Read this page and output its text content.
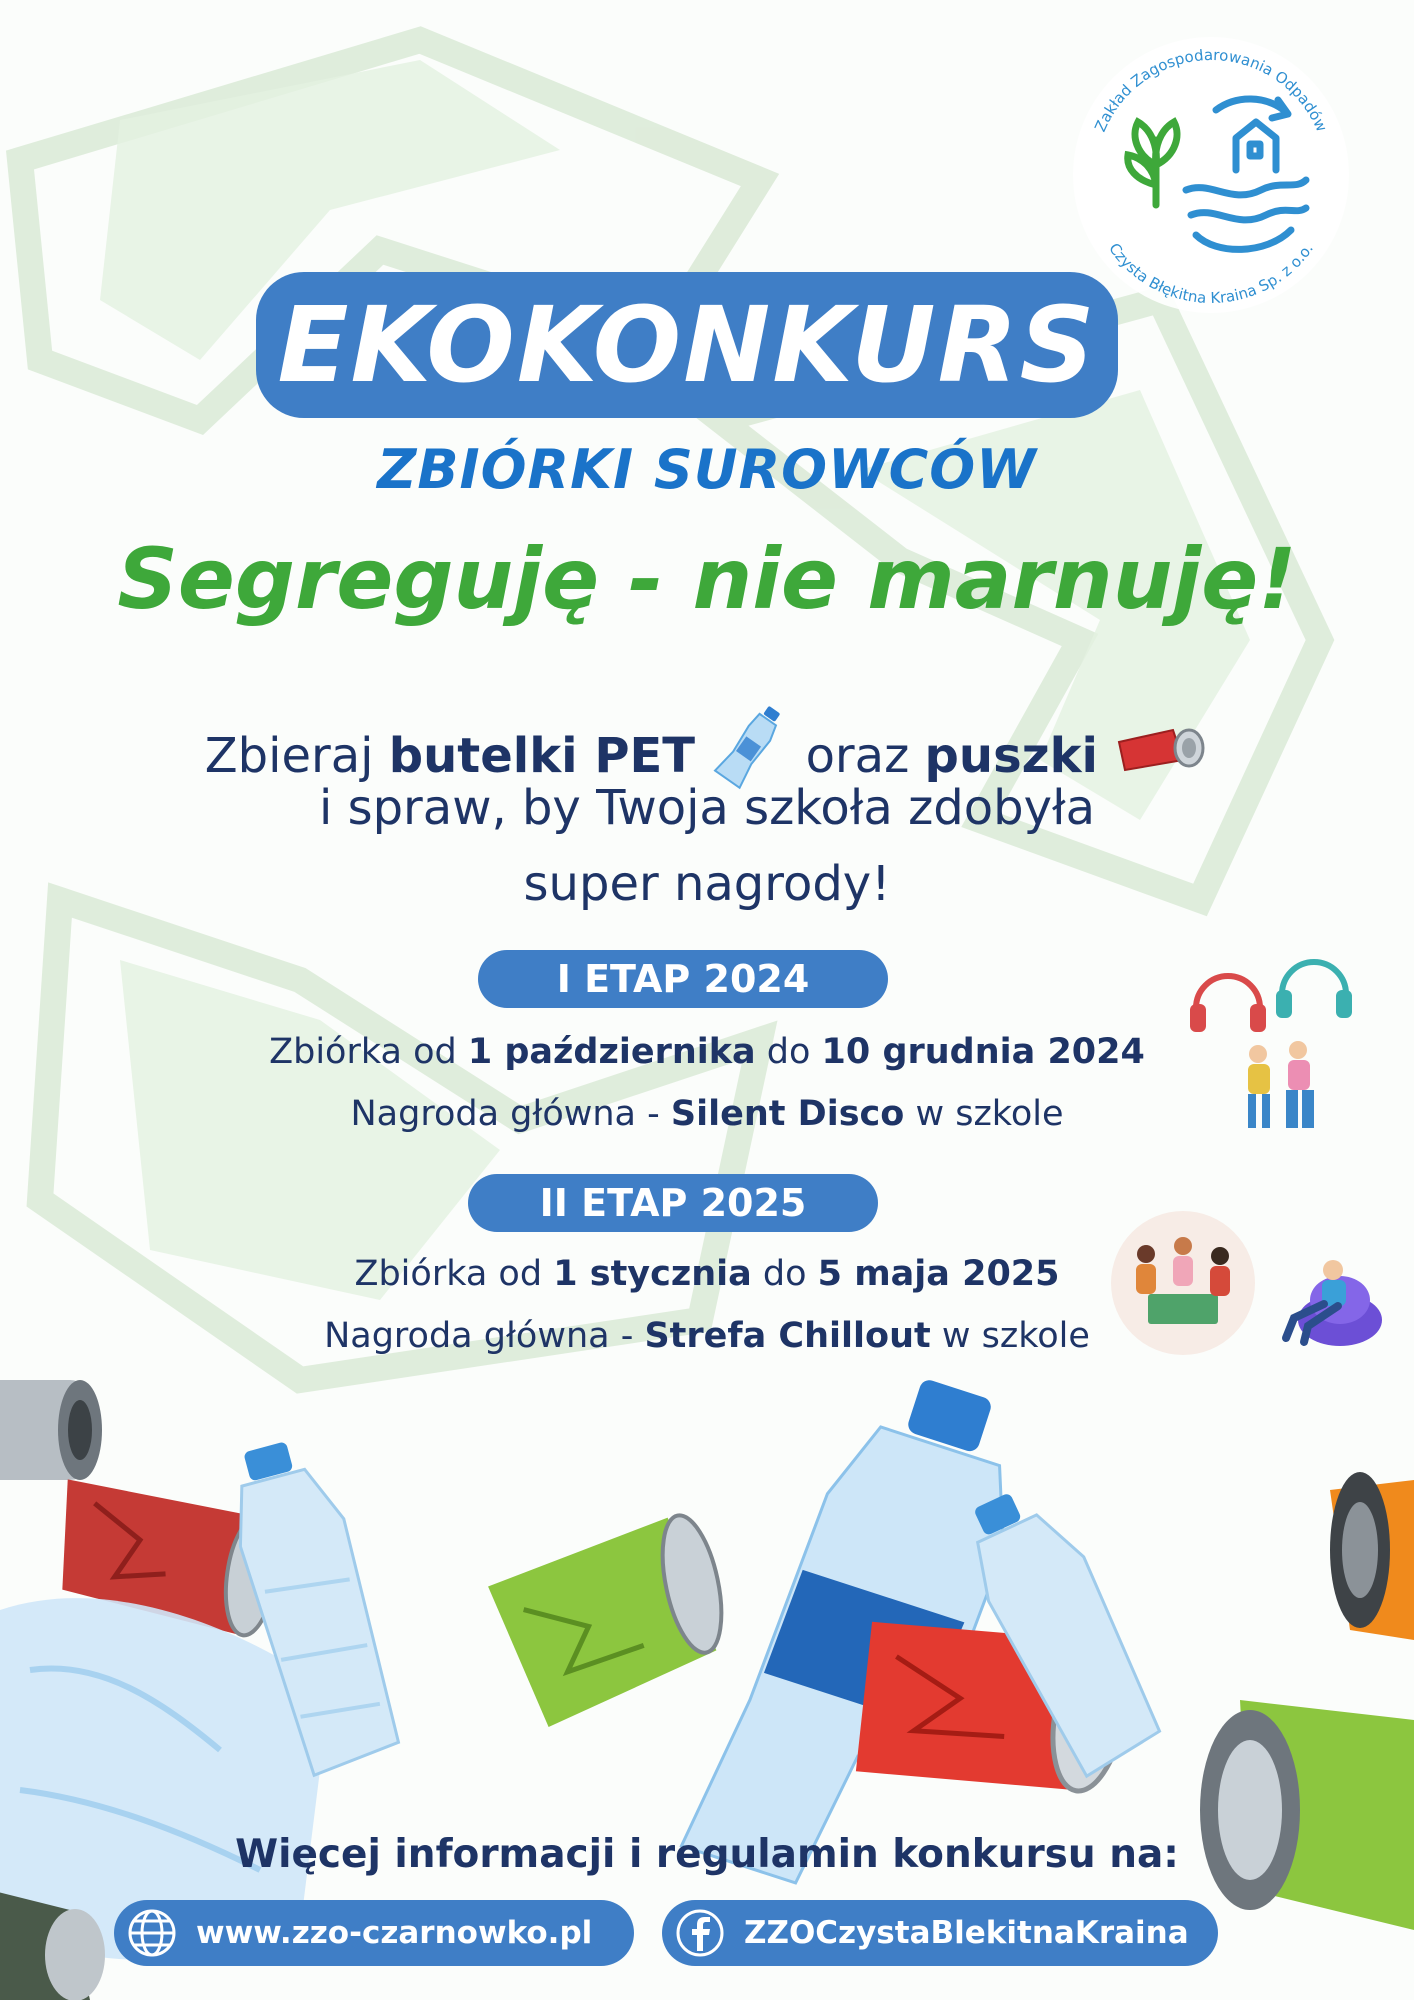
Zakład Zagospodarowania Odpadów
Czysta Błękitna Kraina Sp. z o.o.
EKOKONKURS
ZBIÓRKI SUROWCÓW
Segreguję - nie marnuję!
Zbieraj butelki PET  oraz puszki
i spraw, by Twoja szkoła zdobyła
super nagrody!
I ETAP 2024
Zbiórka od 1 października do 10 grudnia 2024
Nagroda główna - Silent Disco w szkole
II ETAP 2025
Zbiórka od 1 stycznia do 5 maja 2025
Nagroda główna - Strefa Chillout w szkole
Więcej informacji i regulamin konkursu na:
www.zzo-czarnowko.pl	ZZOCzystaBlekitnaKraina
